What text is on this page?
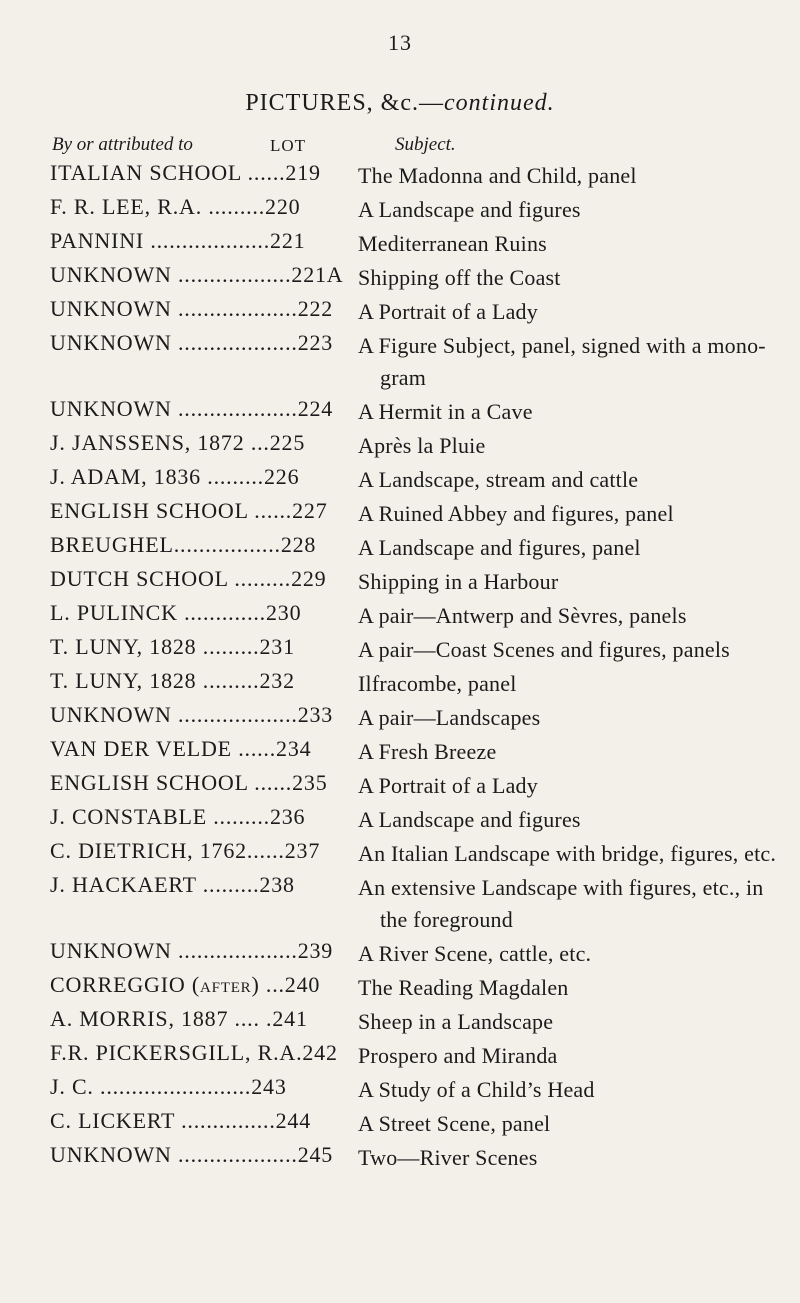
13
PICTURES, &c.—continued.
By or attributed to	LOT	Subject.
ITALIAN SCHOOL ......219	The Madonna and Child, panel
F. R. LEE, R.A. .........220	A Landscape and figures
PANNINI ...................221	Mediterranean Ruins
UNKNOWN ..................221A Shipping off the Coast
UNKNOWN ...................222	A Portrait of a Lady
UNKNOWN ...................223	A Figure Subject, panel, signed with a mono-
gram
UNKNOWN ...................224	A Hermit in a Cave
J. JANSSENS, 1872 ...225	Après la Pluie
J. ADAM, 1836 .........226	A Landscape, stream and cattle
ENGLISH SCHOOL ......227	A Ruined Abbey and figures, panel
BREUGHEL.................228	A Landscape and figures, panel
DUTCH SCHOOL .........229	Shipping in a Harbour
L. PULINCK .............230	A pair—Antwerp and Sèvres, panels
T. LUNY, 1828 .........231	A pair—Coast Scenes and figures, panels
T. LUNY, 1828 .........232	Ilfracombe, panel
UNKNOWN ...................233	A pair—Landscapes
VAN DER VELDE ......234	A Fresh Breeze
ENGLISH SCHOOL ......235	A Portrait of a Lady
J. CONSTABLE .........236	A Landscape and figures
C. DIETRICH, 1762......237	An Italian Landscape with bridge, figures, etc.
J. HACKAERT .........238	An extensive Landscape with figures, etc., in
the foreground
UNKNOWN ...................239	A River Scene, cattle, etc.
CORREGGIO (after) ...240	The Reading Magdalen
A. MORRIS, 1887 .... .241	Sheep in a Landscape
F.R. PICKERSGILL, R.A.242 Prospero and Miranda
J. C. ........................243	A Study of a Child’s Head
C. LICKERT ...............244	A Street Scene, panel
UNKNOWN ...................245	Two—River Scenes
